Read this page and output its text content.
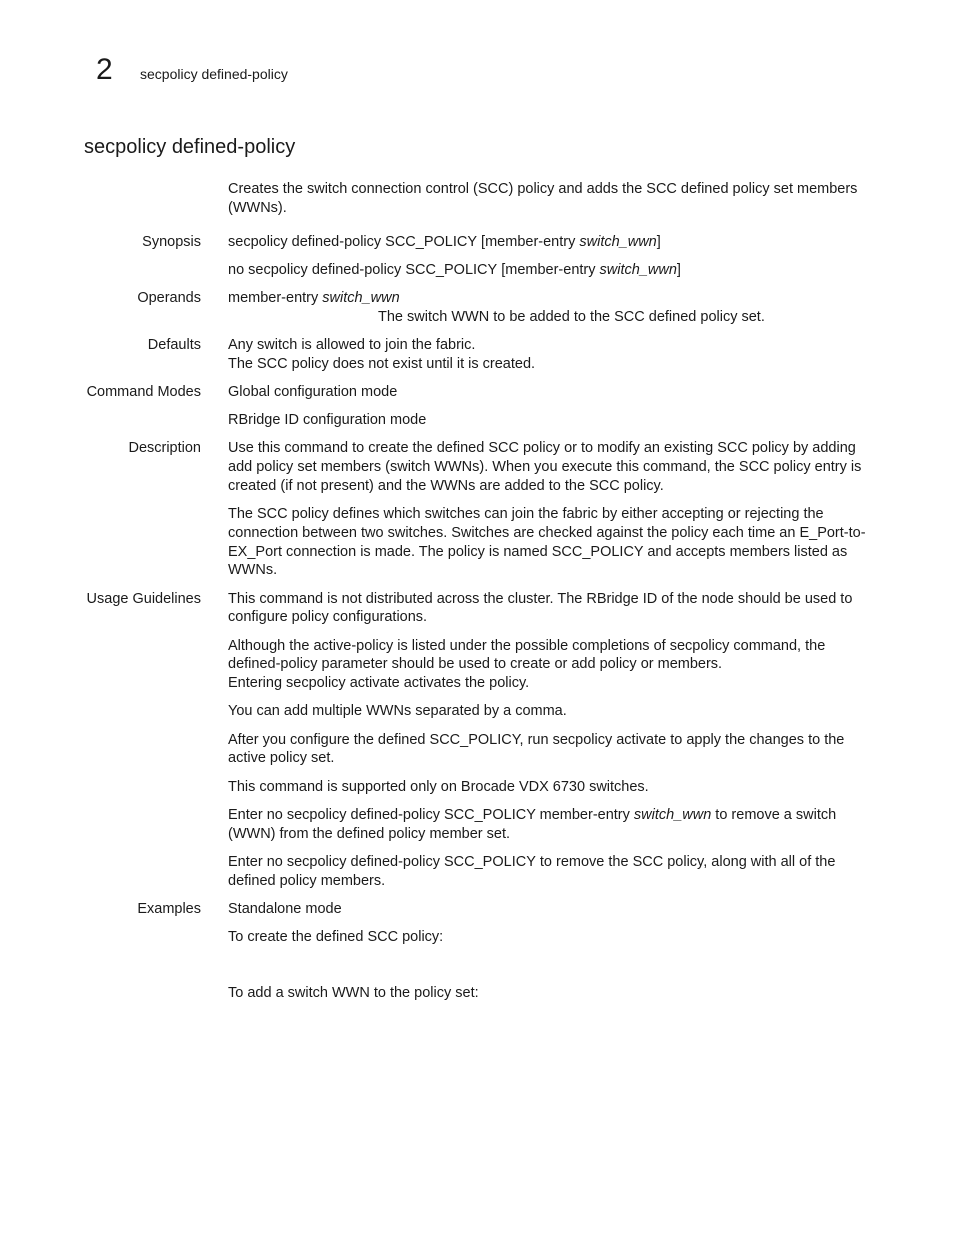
2 secpolicy defined-policy
secpolicy defined-policy

Creates the switch connection control (SCC) policy and adds the SCC defined policy set members (WWNs).

Synopsis secpolicy defined-policy SCC_POLICY [member-entry switch_wwn]

no secpolicy defined-policy SCC_POLICY [member-entry switch_wwn]

Operands member-entry switch_wwn

The switch WWN to be added to the SCC defined policy set.

Defaults Any switch is allowed to join the fabric.

The SCC policy does not exist until it is created.

Command Modes Global configuration mode

RBridge ID configuration mode

Description Use this command to create the defined SCC policy or to modify an existing SCC policy by adding add policy set members (switch WWNs). When you execute this command, the SCC policy entry is created (if not present) and the WWNs are added to the SCC policy.

The SCC policy defines which switches can join the fabric by either accepting or rejecting the connection between two switches. Switches are checked against the policy each time an E_Port-to-EX_Port connection is made. The policy is named SCC_POLICY and accepts members listed as WWNs.

Usage Guidelines This command is not distributed across the cluster. The RBridge ID of the node should be used to configure policy configurations.

Although the active-policy is listed under the possible completions of secpolicy command, the defined-policy parameter should be used to create or add policy or members.
Entering secpolicy activate activates the policy.

You can add multiple WWNs separated by a comma.

After you configure the defined SCC_POLICY, run secpolicy activate to apply the changes to the active policy set.

This command is supported only on Brocade VDX 6730 switches.

Enter no secpolicy defined-policy SCC_POLICY member-entry switch_wwn to remove a switch (WWN) from the defined policy member set.

Enter no secpolicy defined-policy SCC_POLICY to remove the SCC policy, along with all of the defined policy members.

Examples Standalone mode

To create the defined SCC policy:

To add a switch WWN to the policy set:
